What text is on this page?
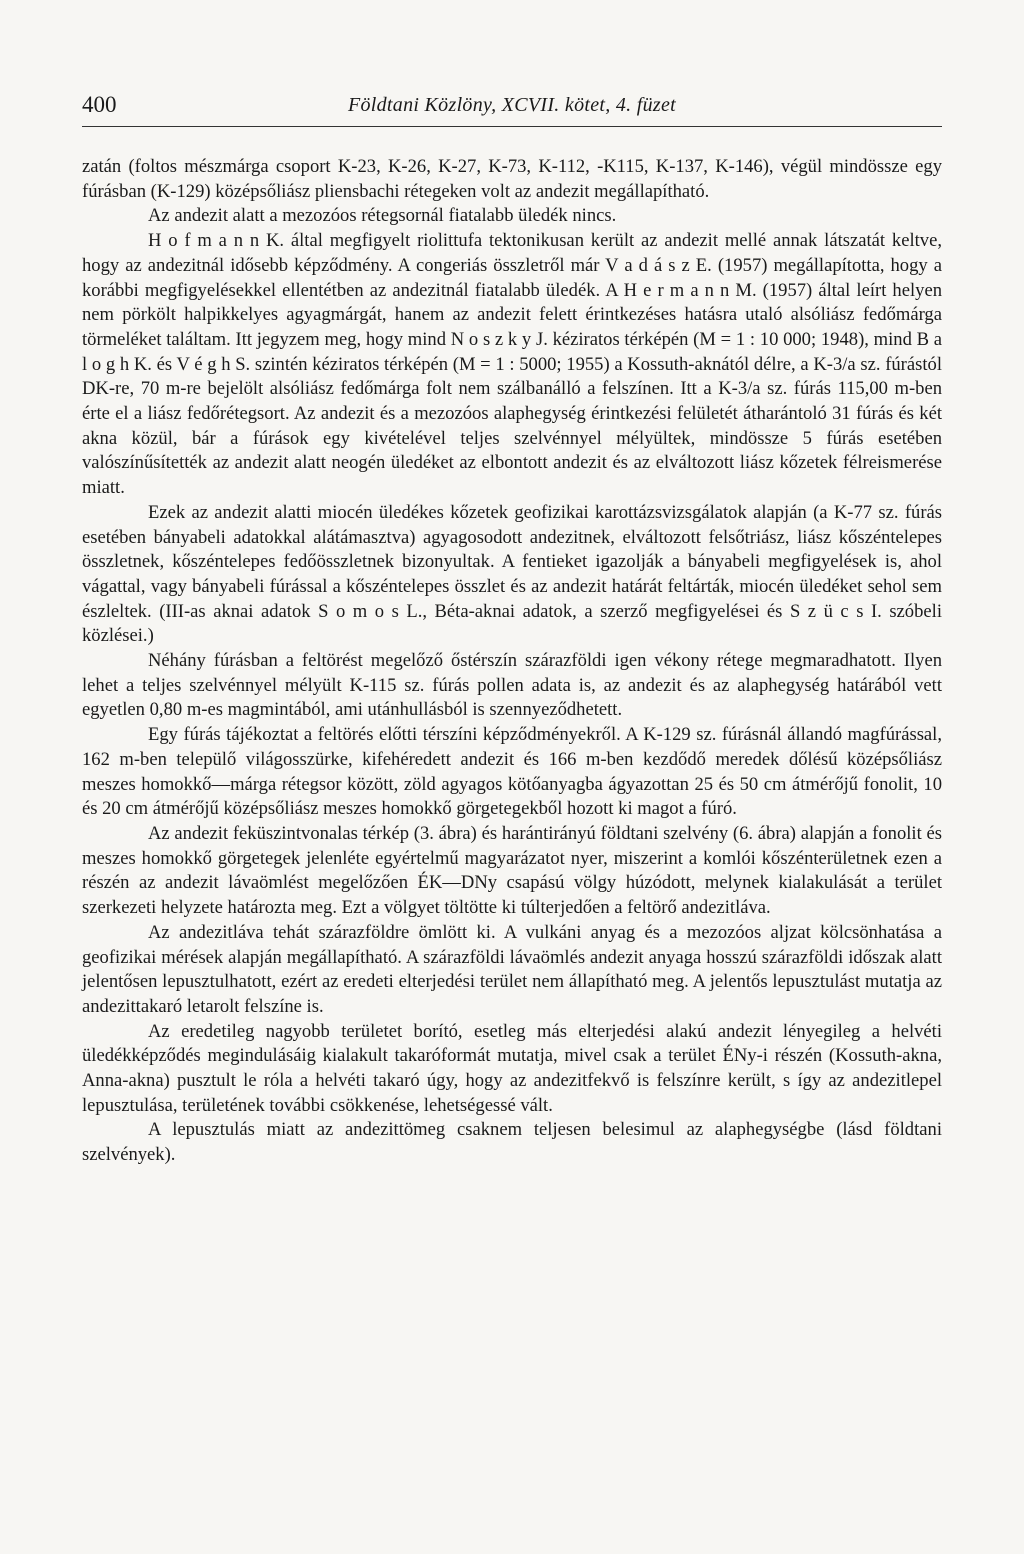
400	Földtani Közlöny, XCVII. kötet, 4. füzet

zatán (foltos mészmárga csoport K-23, K-26, K-27, K-73, K-112, -K115, K-137, K-146), végül mindössze egy fúrásban (K-129) középsőliász pliensbachi rétegeken volt az andezit megállapítható.

Az andezit alatt a mezozóos rétegsornál fiatalabb üledék nincs.

H o f m a n n K. által megfigyelt riolittufa tektonikusan került az andezit mellé annak látszatát keltve, hogy az andezitnál idősebb képződmény. A congeriás összletről már V a d á s z E. (1957) megállapította, hogy a korábbi megfigyelésekkel ellentétben az andezitnál fiatalabb üledék. A H e r m a n n M. (1957) által leírt helyen nem pörkölt halpikkelyes agyagmárgát, hanem az andezit felett érintkezéses hatásra utaló alsóliász fedőmárga törmeléket találtam. Itt jegyzem meg, hogy mind N o s z k y J. kéziratos térképén (M = 1 : 10 000; 1948), mind B a l o g h K. és V é g h S. szintén kéziratos térképén (M = 1 : 5000; 1955) a Kossuth-aknától délre, a K-3/a sz. fúrástól DK-re, 70 m-re bejelölt alsóliász fedőmárga folt nem szálbanálló a felszínen. Itt a K-3/a sz. fúrás 115,00 m-ben érte el a liász fedőrétegsort. Az andezit és a mezozóos alaphegység érintkezési felületét átharántoló 31 fúrás és két akna közül, bár a fúrások egy kivételével teljes szelvénnyel mélyültek, mindössze 5 fúrás esetében valószínűsítették az andezit alatt neogén üledéket az elbontott andezit és az elváltozott liász kőzetek félreismerése miatt.

Ezek az andezit alatti miocén üledékes kőzetek geofizikai karottázsvizsgálatok alapján (a K-77 sz. fúrás esetében bányabeli adatokkal alátámasztva) agyagosodott andezitnek, elváltozott felsőtriász, liász kőszéntelepes összletnek, kőszéntelepes fedőösszletnek bizonyultak. A fentieket igazolják a bányabeli megfigyelések is, ahol vágattal, vagy bányabeli fúrással a kőszéntelepes összlet és az andezit határát feltárták, miocén üledéket sehol sem észleltek. (III-as aknai adatok S o m o s L., Béta-aknai adatok, a szerző megfigyelései és S z ü c s I. szóbeli közlései.)

Néhány fúrásban a feltörést megelőző őstérszín szárazföldi igen vékony rétege megmaradhatott. Ilyen lehet a teljes szelvénnyel mélyült K-115 sz. fúrás pollen adata is, az andezit és az alaphegység határából vett egyetlen 0,80 m-es magmintából, ami utánhullásból is szennyeződhetett.

Egy fúrás tájékoztat a feltörés előtti térszíni képződményekről. A K-129 sz. fúrásnál állandó magfúrással, 162 m-ben települő világosszürke, kifehéredett andezit és 166 m-ben kezdődő meredek dőlésű középsőliász meszes homokkő—márga rétegsor között, zöld agyagos kötőanyagba ágyazottan 25 és 50 cm átmérőjű fonolit, 10 és 20 cm átmérőjű középsőliász meszes homokkő görgetegekből hozott ki magot a fúró.

Az andezit feküszintvonalas térkép (3. ábra) és harántirányú földtani szelvény (6. ábra) alapján a fonolit és meszes homokkő görgetegek jelenléte egyértelmű magyarázatot nyer, miszerint a komlói kőszénterületnek ezen a részén az andezit lávaömlést megelőzően ÉK—DNy csapású völgy húzódott, melynek kialakulását a terület szerkezeti helyzete határozta meg. Ezt a völgyet töltötte ki túlterjedően a feltörő andezitláva.

Az andezitláva tehát szárazföldre ömlött ki. A vulkáni anyag és a mezozóos aljzat kölcsönhatása a geofizikai mérések alapján megállapítható. A szárazföldi lávaömlés andezit anyaga hosszú szárazföldi időszak alatt jelentősen lepusztulhatott, ezért az eredeti elterjedési terület nem állapítható meg. A jelentős lepusztulást mutatja az andezittakaró letarolt felszíne is.

Az eredetileg nagyobb területet borító, esetleg más elterjedési alakú andezit lényegileg a helvéti üledékképződés megindulásáig kialakult takaróformát mutatja, mivel csak a terület ÉNy-i részén (Kossuth-akna, Anna-akna) pusztult le róla a helvéti takaró úgy, hogy az andezitfekvő is felszínre került, s így az andezitlepel lepusztulása, területének további csökkenése, lehetségessé vált.

A lepusztulás miatt az andezittömeg csaknem teljesen belesimul az alaphegységbe (lásd földtani szelvények).
